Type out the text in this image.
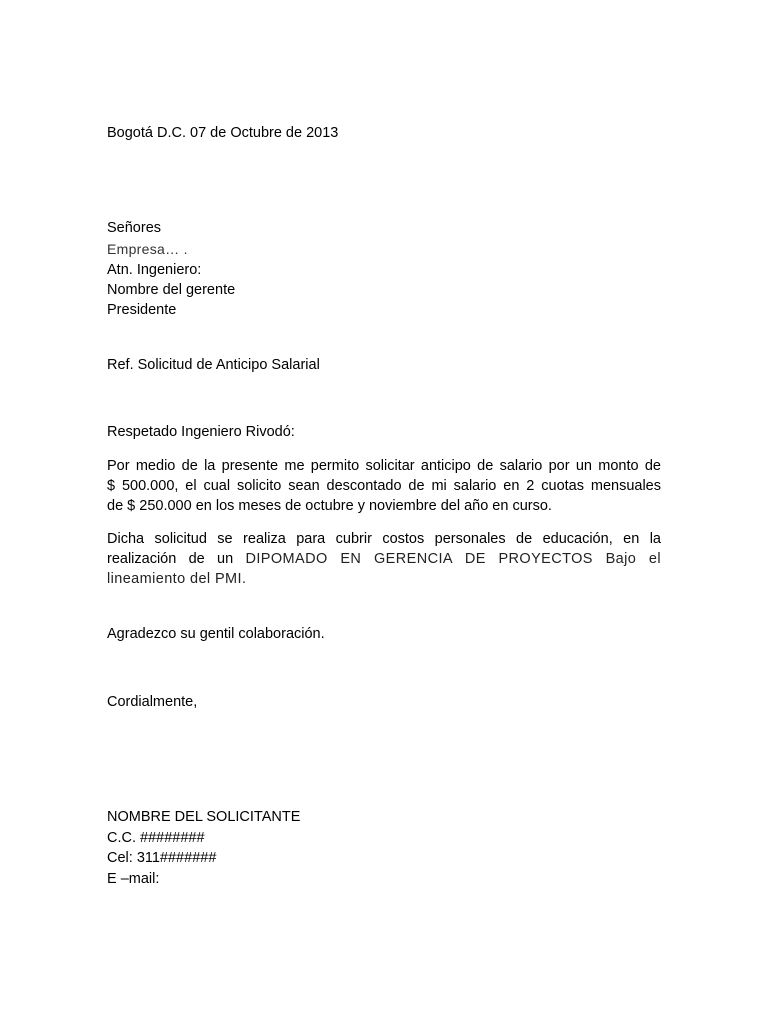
Bogotá D.C. 07 de Octubre de 2013
Señores
Empresa… .
Atn. Ingeniero:
Nombre del gerente
Presidente
Ref. Solicitud de Anticipo Salarial
Respetado Ingeniero Rivodó:
Por medio de la presente me permito solicitar anticipo de salario por un monto de
$ 500.000, el cual solicito sean descontado de mi salario en 2 cuotas mensuales
de $ 250.000 en los meses de octubre y noviembre del año en curso.
Dicha solicitud se realiza para cubrir costos personales de educación, en la
realización de un DIPOMADO EN GERENCIA DE PROYECTOS Bajo el
lineamiento del PMI.
Agradezco su gentil colaboración.
Cordialmente,
NOMBRE DEL SOLICITANTE
C.C. ########
Cel: 311#######
E –mail:
